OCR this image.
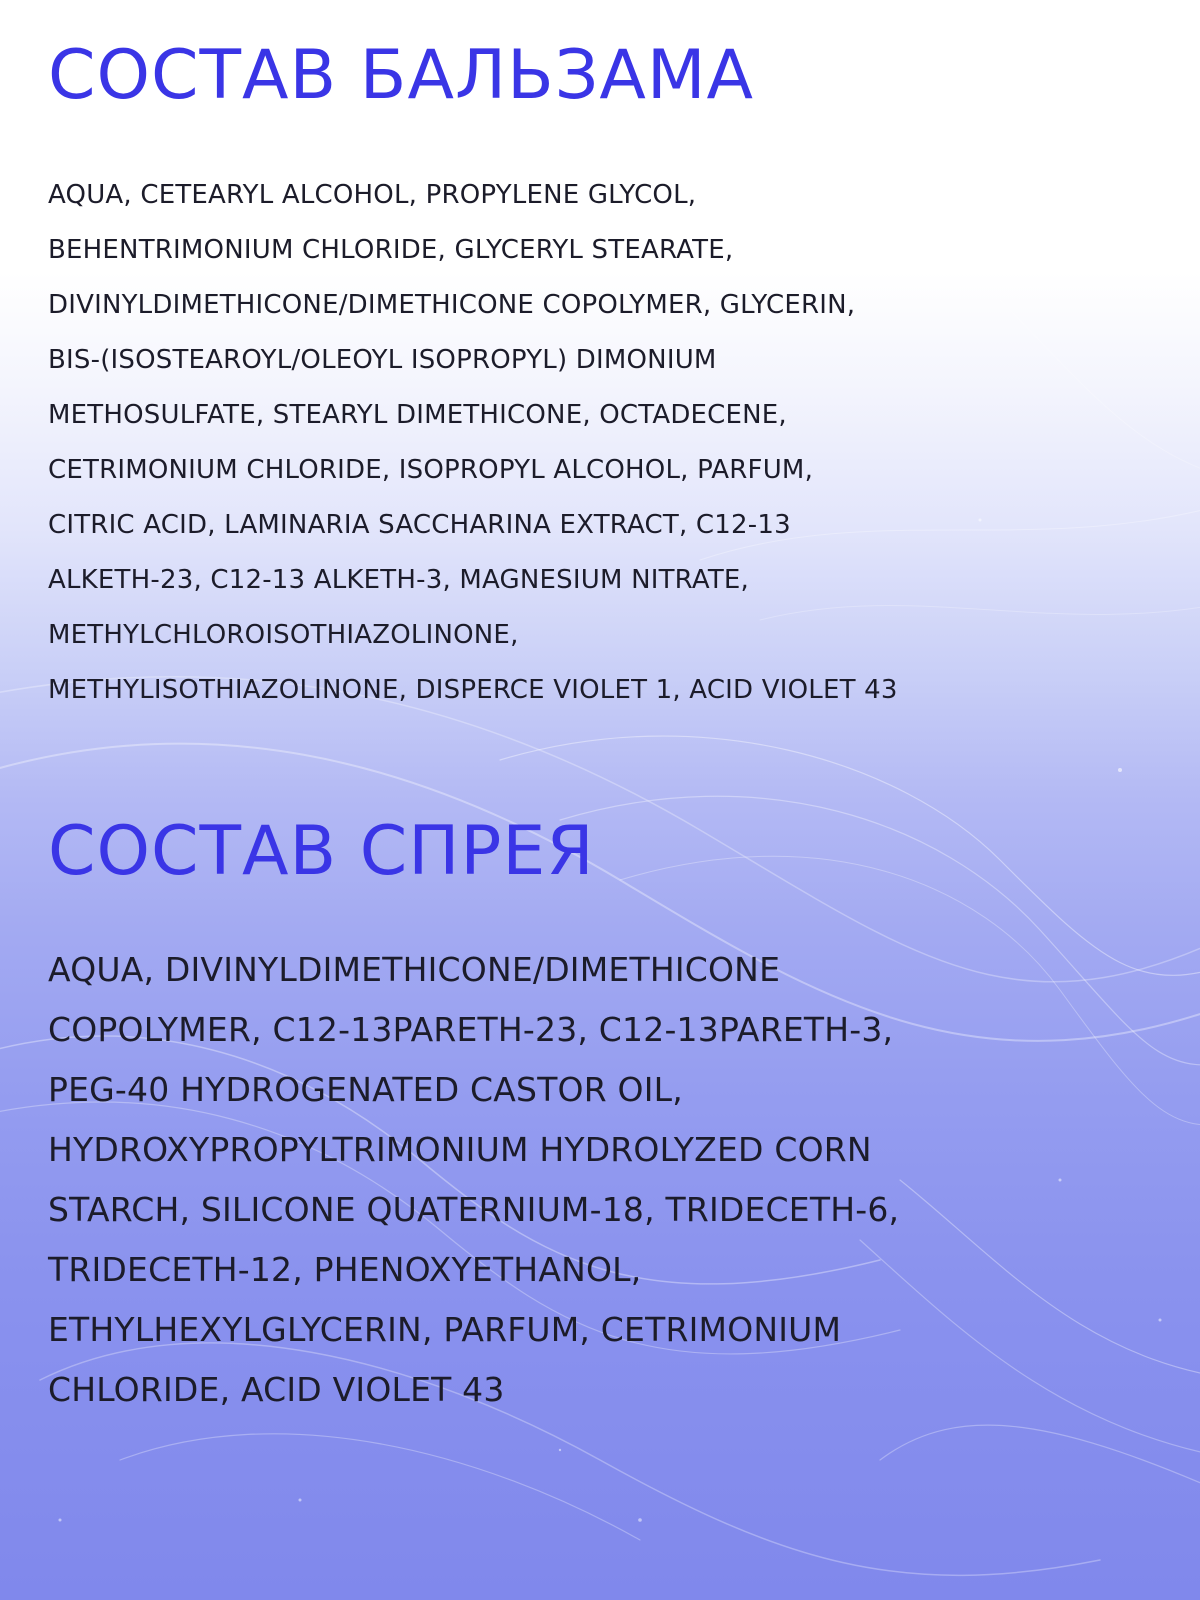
СОСТАВ БАЛЬЗАМА
AQUA, CETEARYL ALCOHOL, PROPYLENE GLYCOL,
BEHENTRIMONIUM CHLORIDE, GLYCERYL STEARATE,
DIVINYLDIMETHICONE/DIMETHICONE COPOLYMER, GLYCERIN,
BIS-(ISOSTEAROYL/OLEOYL ISOPROPYL) DIMONIUM
METHOSULFATE, STEARYL DIMETHICONE, OCTADECENE,
CETRIMONIUM CHLORIDE, ISOPROPYL ALCOHOL, PARFUM,
CITRIC ACID, LAMINARIA SACCHARINA EXTRACT, C12-13
ALKETH-23, C12-13 ALKETH-3, MAGNESIUM NITRATE,
METHYLCHLOROISOTHIAZOLINONE,
METHYLISOTHIAZOLINONE, DISPERCE VIOLET 1, ACID VIOLET 43
СОСТАВ СПРЕЯ
AQUA, DIVINYLDIMETHICONE/DIMETHICONE
COPOLYMER, C12-13PARETH-23, C12-13PARETH-3,
PEG-40 HYDROGENATED CASTOR OIL,
HYDROXYPROPYLTRIMONIUM HYDROLYZED CORN
STARCH, SILICONE QUATERNIUM-18, TRIDECETH-6,
TRIDECETH-12, PHENOXYETHANOL,
ETHYLHEXYLGLYCERIN, PARFUM, CETRIMONIUM
CHLORIDE, ACID VIOLET 43
